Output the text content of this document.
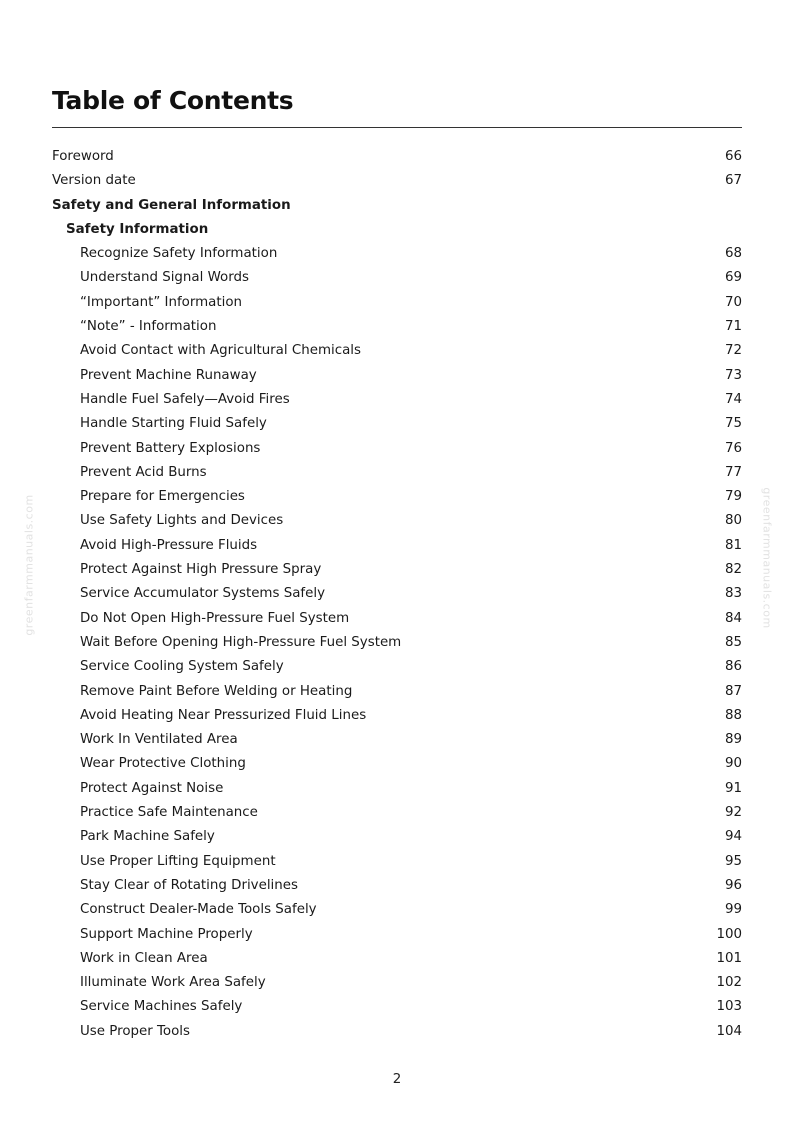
Table of Contents
Foreword	66
Version date	67
Safety and General Information
Safety Information
Recognize Safety Information	68
Understand Signal Words	69
“Important” Information	70
“Note” - Information	71
Avoid Contact with Agricultural Chemicals	72
Prevent Machine Runaway	73
Handle Fuel Safely—Avoid Fires	74
Handle Starting Fluid Safely	75
Prevent Battery Explosions	76
Prevent Acid Burns	77
Prepare for Emergencies	79
Use Safety Lights and Devices	80
Avoid High-Pressure Fluids	81
Protect Against High Pressure Spray	82
Service Accumulator Systems Safely	83
Do Not Open High-Pressure Fuel System	84
Wait Before Opening High-Pressure Fuel System	85
Service Cooling System Safely	86
Remove Paint Before Welding or Heating	87
Avoid Heating Near Pressurized Fluid Lines	88
Work In Ventilated Area	89
Wear Protective Clothing	90
Protect Against Noise	91
Practice Safe Maintenance	92
Park Machine Safely	94
Use Proper Lifting Equipment	95
Stay Clear of Rotating Drivelines	96
Construct Dealer-Made Tools Safely	99
Support Machine Properly	100
Work in Clean Area	101
Illuminate Work Area Safely	102
Service Machines Safely	103
Use Proper Tools	104
greenfarmmanuals.com	greenfarmmanuals.com
2
